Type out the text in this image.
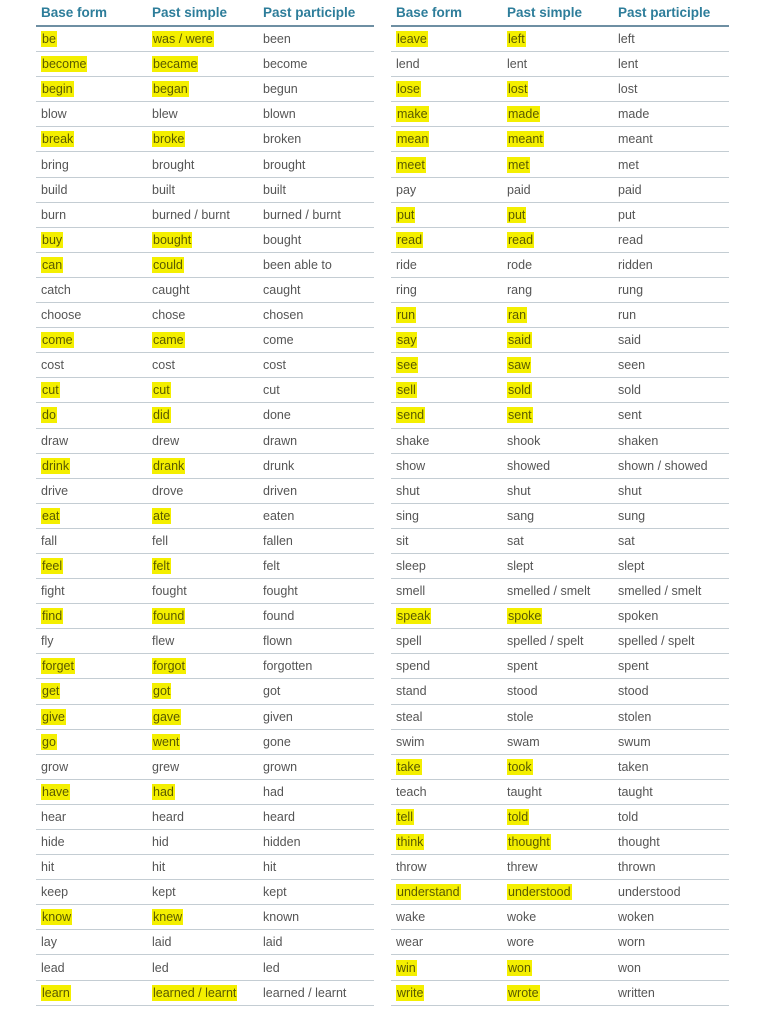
Base form	Past simple	Past participle
be	was / were	been
become	became	become
begin	began	begun
blow	blew	blown
break	broke	broken
bring	brought	brought
build	built	built
burn	burned / burnt	burned / burnt
buy	bought	bought
can	could	been able to
catch	caught	caught
choose	chose	chosen
come	came	come
cost	cost	cost
cut	cut	cut
do	did	done
draw	drew	drawn
drink	drank	drunk
drive	drove	driven
eat	ate	eaten
fall	fell	fallen
feel	felt	felt
fight	fought	fought
find	found	found
fly	flew	flown
forget	forgot	forgotten
get	got	got
give	gave	given
go	went	gone
grow	grew	grown
have	had	had
hear	heard	heard
hide	hid	hidden
hit	hit	hit
keep	kept	kept
know	knew	known
lay	laid	laid
lead	led	led
learn	learned / learnt	learned / learnt
Base form	Past simple	Past participle
leave	left	left
lend	lent	lent
lose	lost	lost
make	made	made
mean	meant	meant
meet	met	met
pay	paid	paid
put	put	put
read	read	read
ride	rode	ridden
ring	rang	rung
run	ran	run
say	said	said
see	saw	seen
sell	sold	sold
send	sent	sent
shake	shook	shaken
show	showed	shown / showed
shut	shut	shut
sing	sang	sung
sit	sat	sat
sleep	slept	slept
smell	smelled / smelt	smelled / smelt
speak	spoke	spoken
spell	spelled / spelt	spelled / spelt
spend	spent	spent
stand	stood	stood
steal	stole	stolen
swim	swam	swum
take	took	taken
teach	taught	taught
tell	told	told
think	thought	thought
throw	threw	thrown
understand	understood	understood
wake	woke	woken
wear	wore	worn
win	won	won
write	wrote	written
